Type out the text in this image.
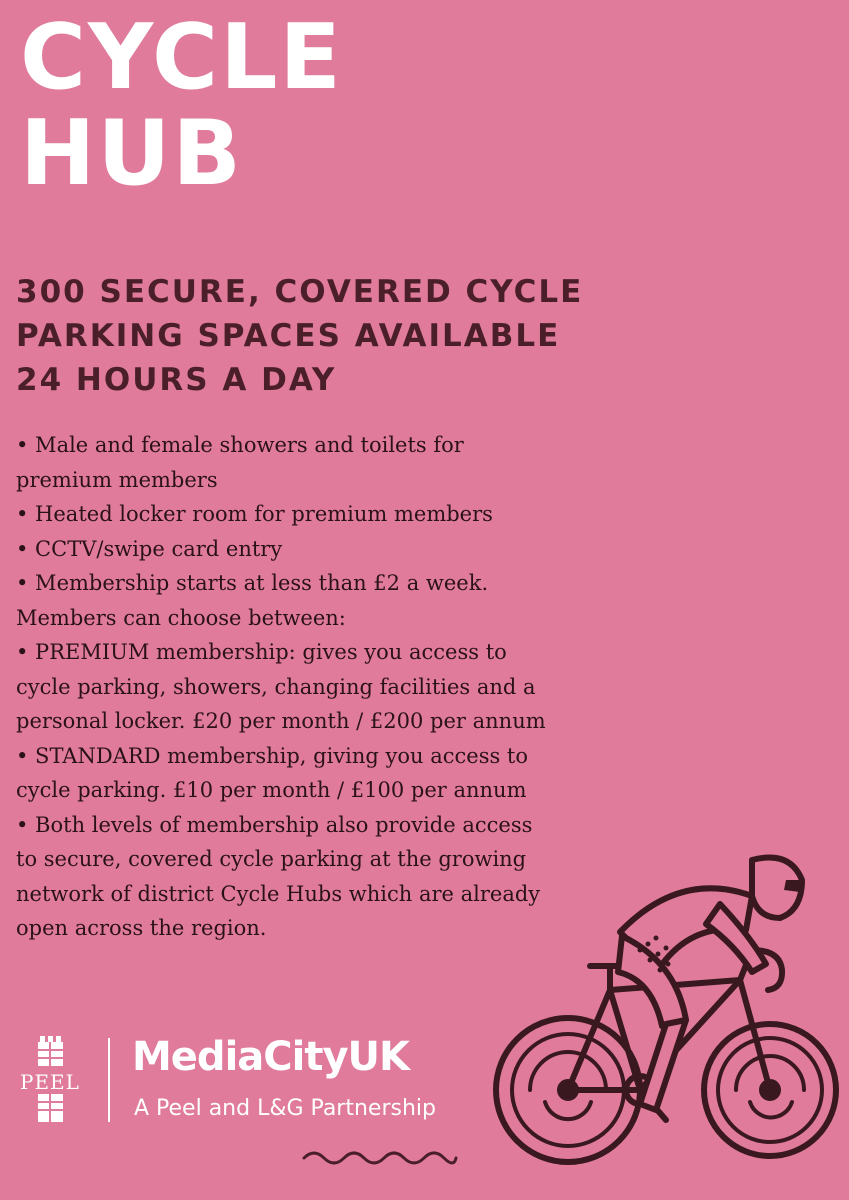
CYCLE
HUB
300 SECURE, COVERED CYCLE
PARKING SPACES AVAILABLE
24 HOURS A DAY
• Male and female showers and toilets for
premium members
• Heated locker room for premium members
• CCTV/swipe card entry
• Membership starts at less than £2 a week.
Members can choose between:
• PREMIUM membership: gives you access to
cycle parking, showers, changing facilities and a
personal locker. £20 per month / £200 per annum
• STANDARD membership, giving you access to
cycle parking. £10 per month / £100 per annum
• Both levels of membership also provide access
to secure, covered cycle parking at the growing
network of district Cycle Hubs which are already
open across the region.
PEEL
MediaCityUK
A Peel and L&G Partnership
